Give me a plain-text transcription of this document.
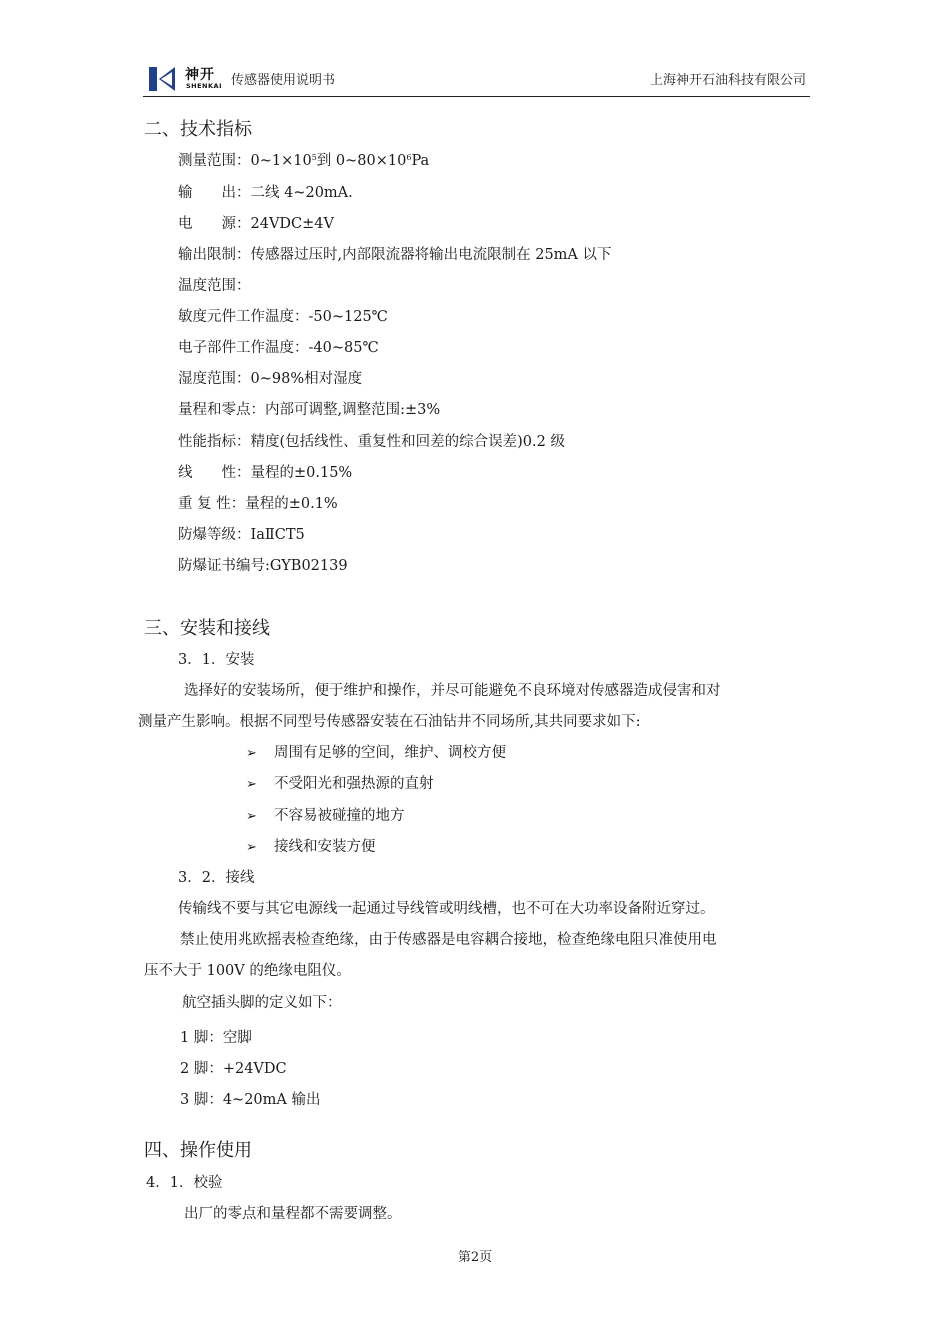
神开
SHENKAI 传感器使用说明书	上海神开石油科技有限公司
二、技术指标
测量范围：$0\sim 1\times 10^5$到 $0\sim 80\times 10^6Pa$
输　　出：二线 4~20mA.
电　　源：24VDC±4V
输出限制：传感器过压时,内部限流器将输出电流限制在 25mA 以下
温度范围：
敏度元件工作温度：-50~125℃
电子部件工作温度：-40~85℃
湿度范围：0~98%相对湿度
量程和零点：内部可调整,调整范围:±3%
性能指标：精度(包括线性、重复性和回差的综合误差)0.2 级
线　　性：量程的±0.15%
重 复 性：量程的±0.1%
防爆等级：IaⅡCT5
防爆证书编号:GYB02139
三、安装和接线
3．1．安装
选择好的安装场所，便于维护和操作，并尽可能避免不良环境对传感器造成侵害和对
测量产生影响。根据不同型号传感器安装在石油钻井不同场所,其共同要求如下:
➢ 周围有足够的空间，维护、调校方便
➢ 不受阳光和强热源的直射
➢ 不容易被碰撞的地方
➢ 接线和安装方便
3．2．接线
传输线不要与其它电源线一起通过导线管或明线槽，也不可在大功率设备附近穿过。
禁止使用兆欧摇表检查绝缘，由于传感器是电容耦合接地，检查绝缘电阻只准使用电
压不大于 100V 的绝缘电阻仪。
航空插头脚的定义如下：
1 脚：空脚
2 脚：+24VDC
3 脚：4~20mA 输出
四、操作使用
4．1．校验
出厂的零点和量程都不需要调整。
第2页
